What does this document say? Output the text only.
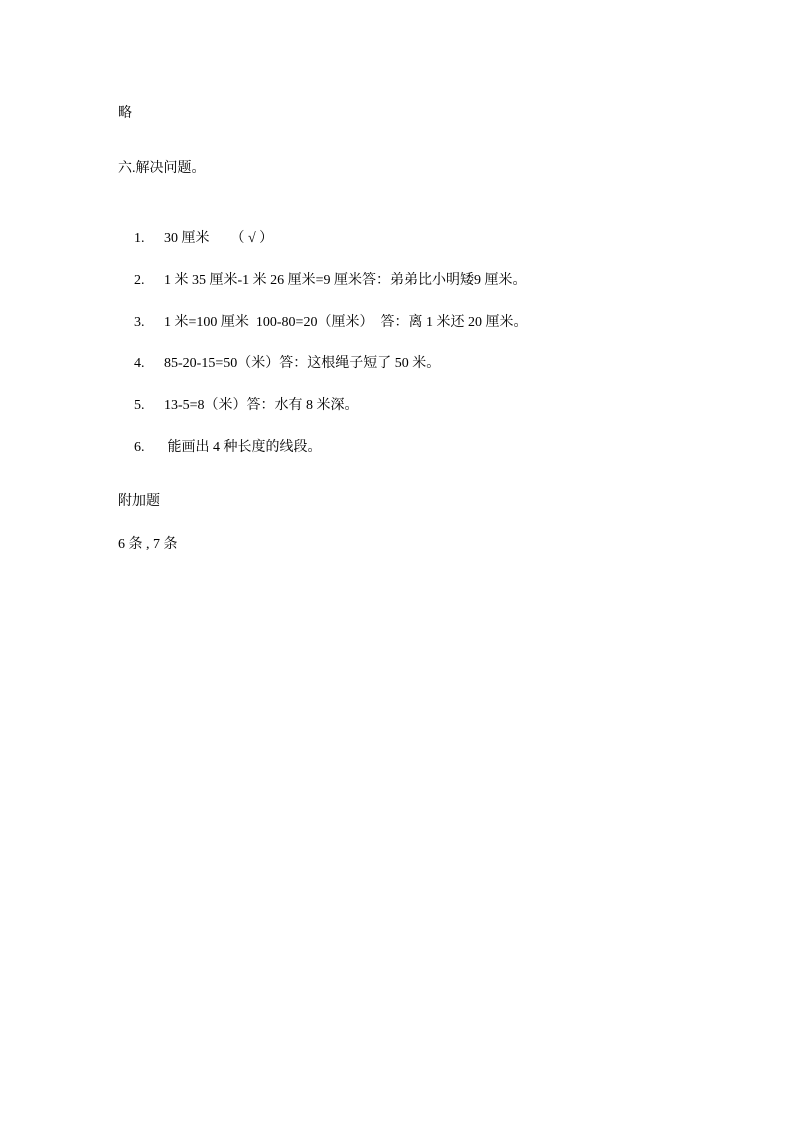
略
六.解决问题。

1. 30 厘米　　（ √ ）

2. 1 米 35 厘米-1 米 26 厘米=9 厘米答：弟弟比小明矮9 厘米。

3. 1 米=100 厘米  100-80=20（厘米）  答：离 1 米还 20 厘米。

4. 85-20-15=50（米）答：这根绳子短了 50 米。

5. 13-5=8（米）答：水有 8 米深。

6. 能画出 4 种长度的线段。

附加题
6 条 , 7 条
